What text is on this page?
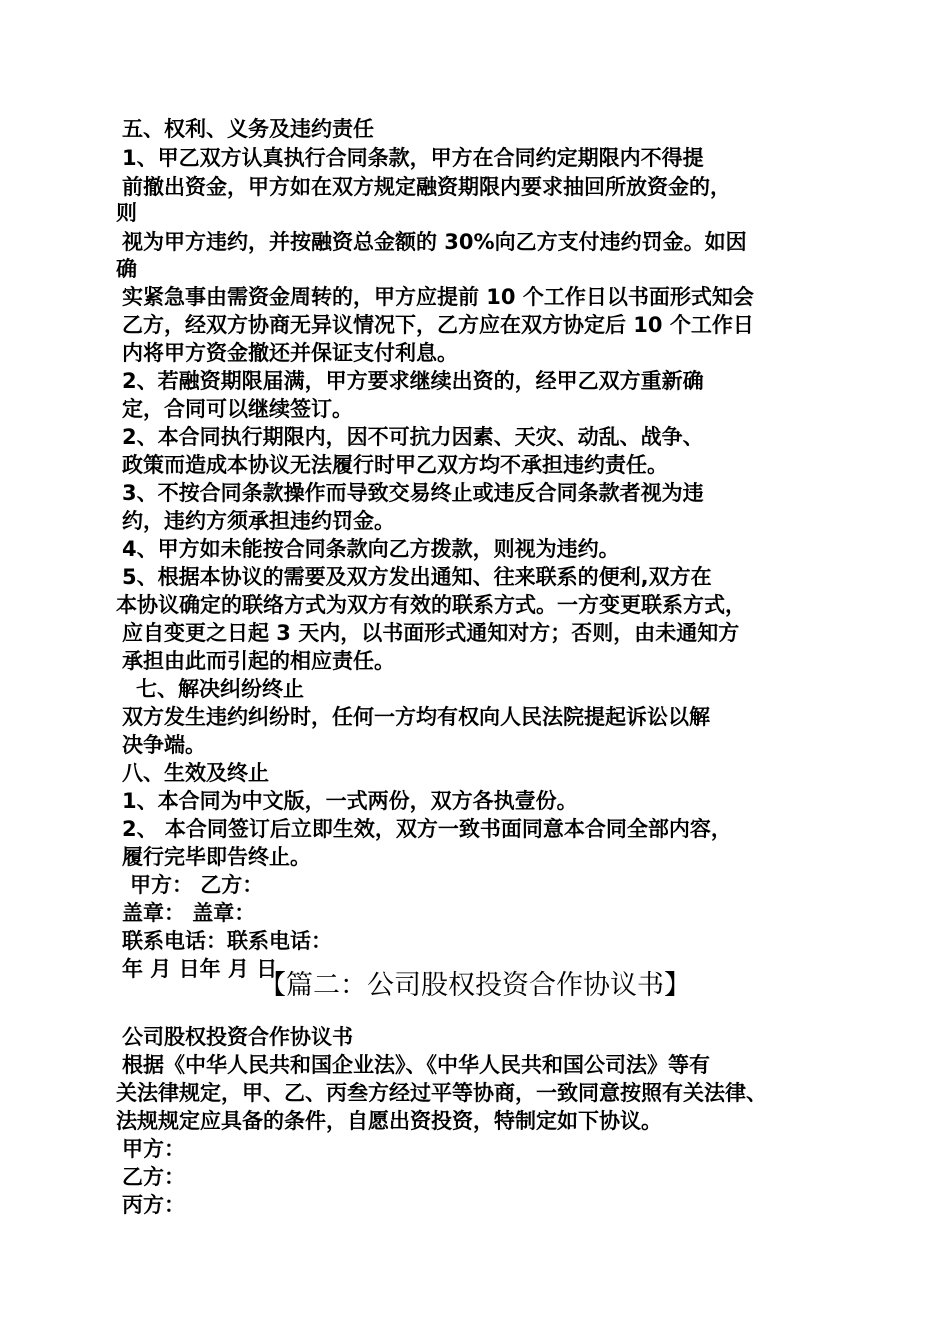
五、权利、义务及违约责任
1、甲乙双方认真执行合同条款，甲方在合同约定期限内不得提
前撤出资金，甲方如在双方规定融资期限内要求抽回所放资金的，
则
视为甲方违约，并按融资总金额的 30%向乙方支付违约罚金。如因
确
实紧急事由需资金周转的，甲方应提前 10 个工作日以书面形式知会
乙方，经双方协商无异议情况下，乙方应在双方协定后 10 个工作日
内将甲方资金撤还并保证支付利息。
2、若融资期限届满，甲方要求继续出资的，经甲乙双方重新确
定，合同可以继续签订。
2、本合同执行期限内，因不可抗力因素、天灾、动乱、战争、
政策而造成本协议无法履行时甲乙双方均不承担违约责任。
3、不按合同条款操作而导致交易终止或违反合同条款者视为违
约，违约方须承担违约罚金。
4、甲方如未能按合同条款向乙方拨款，则视为违约。
5、根据本协议的需要及双方发出通知、往来联系的便利,双方在
本协议确定的联络方式为双方有效的联系方式。一方变更联系方式，
应自变更之日起 3 天内，以书面形式通知对方；否则，由未通知方
承担由此而引起的相应责任。
七、解决纠纷终止
双方发生违约纠纷时，任何一方均有权向人民法院提起诉讼以解
决争端。
八、生效及终止
1、本合同为中文版，一式两份，双方各执壹份。
2、 本合同签订后立即生效，双方一致书面同意本合同全部内容，
履行完毕即告终止。
甲方： 乙方：
盖章： 盖章：
联系电话：联系电话：
年 月 日年 月 日
【篇二：公司股权投资合作协议书】
公司股权投资合作协议书
根据《中华人民共和国企业法》、《中华人民共和国公司法》等有
关法律规定，甲、乙、丙叁方经过平等协商，一致同意按照有关法律、
法规规定应具备的条件，自愿出资投资，特制定如下协议。
甲方：
乙方：
丙方：
